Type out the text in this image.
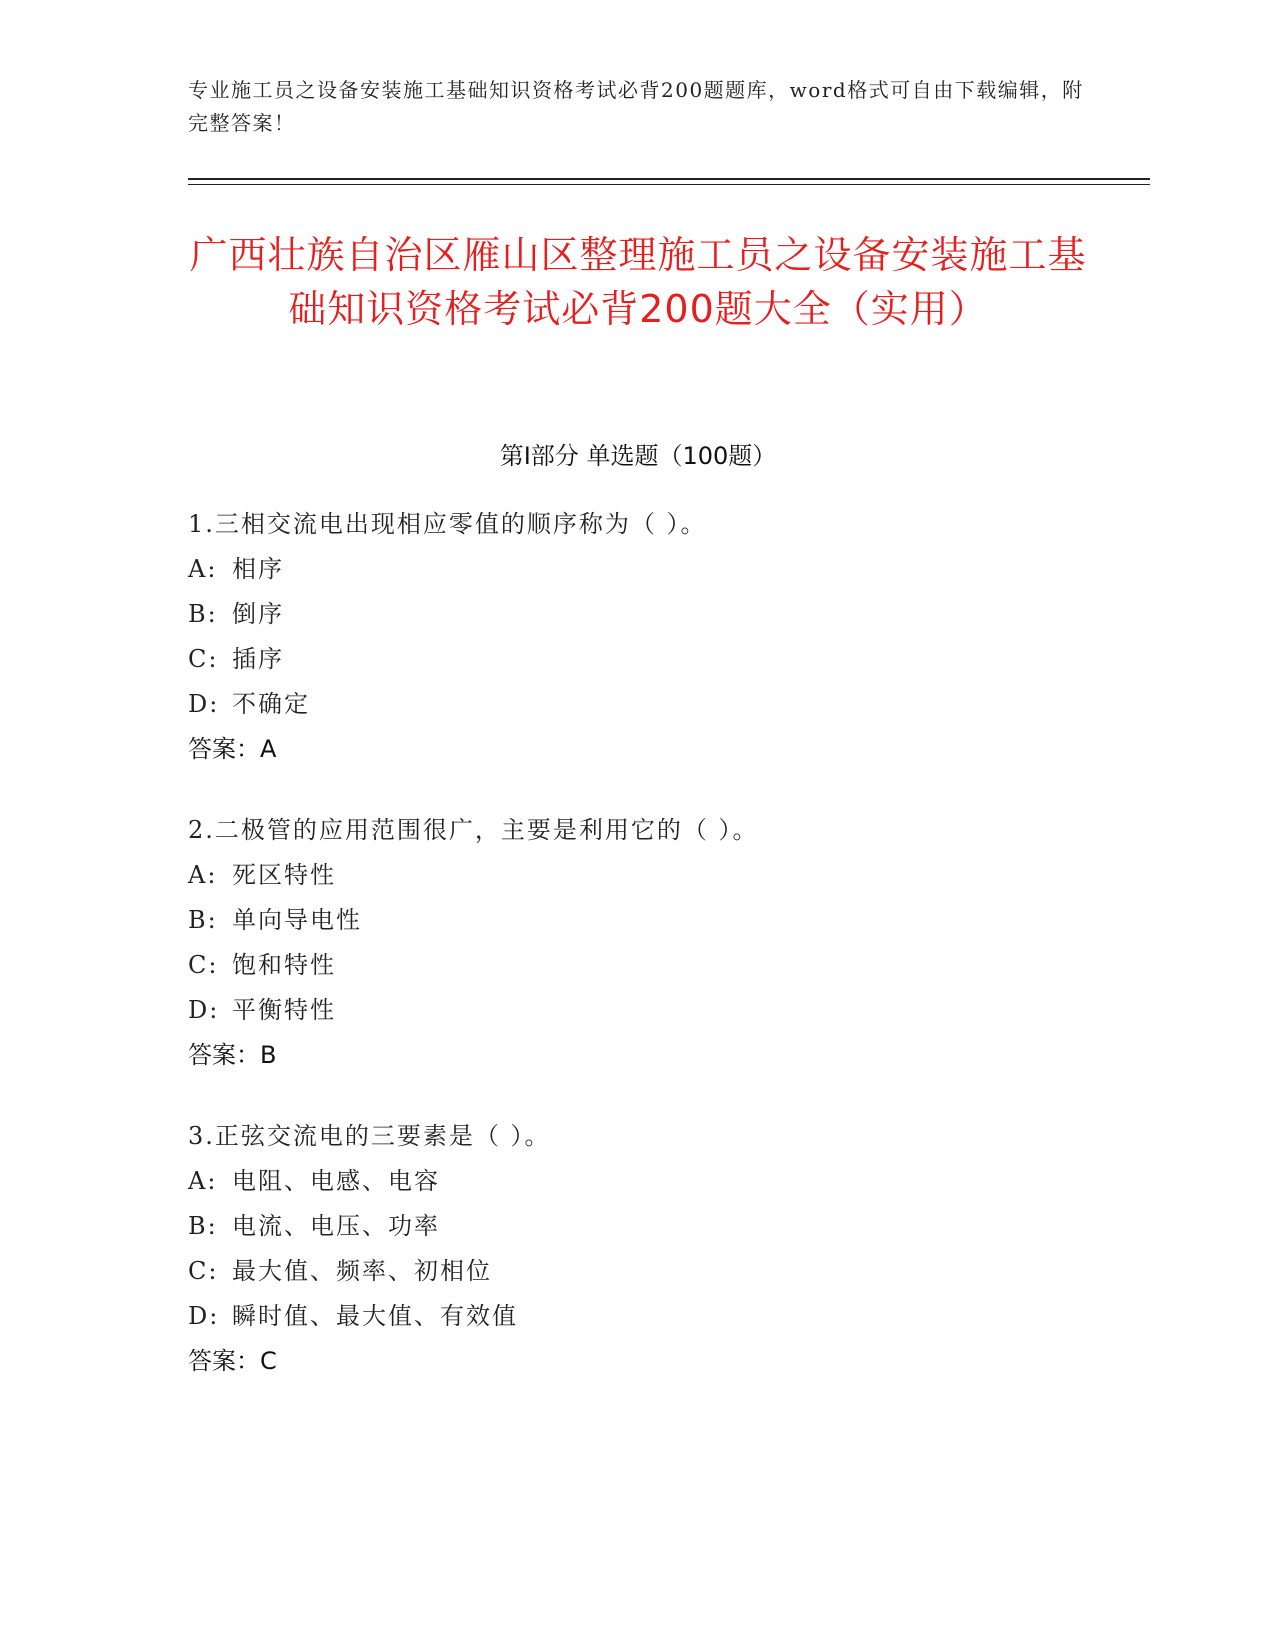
专业施工员之设备安装施工基础知识资格考试必背200题题库，word格式可自由下载编辑，附完整答案！
广西壮族自治区雁山区整理施工员之设备安装施工基础知识资格考试必背200题大全（实用）
第Ⅰ部分 单选题（100题）
1.三相交流电出现相应零值的顺序称为（ ）。
A: 相序
B: 倒序
C: 插序
D: 不确定
答案：A
2.二极管的应用范围很广，主要是利用它的（ ）。
A: 死区特性
B: 单向导电性
C: 饱和特性
D: 平衡特性
答案：B
3.正弦交流电的三要素是（ ）。
A: 电阻、电感、电容
B: 电流、电压、功率
C: 最大值、频率、初相位
D: 瞬时值、最大值、有效值
答案：C
